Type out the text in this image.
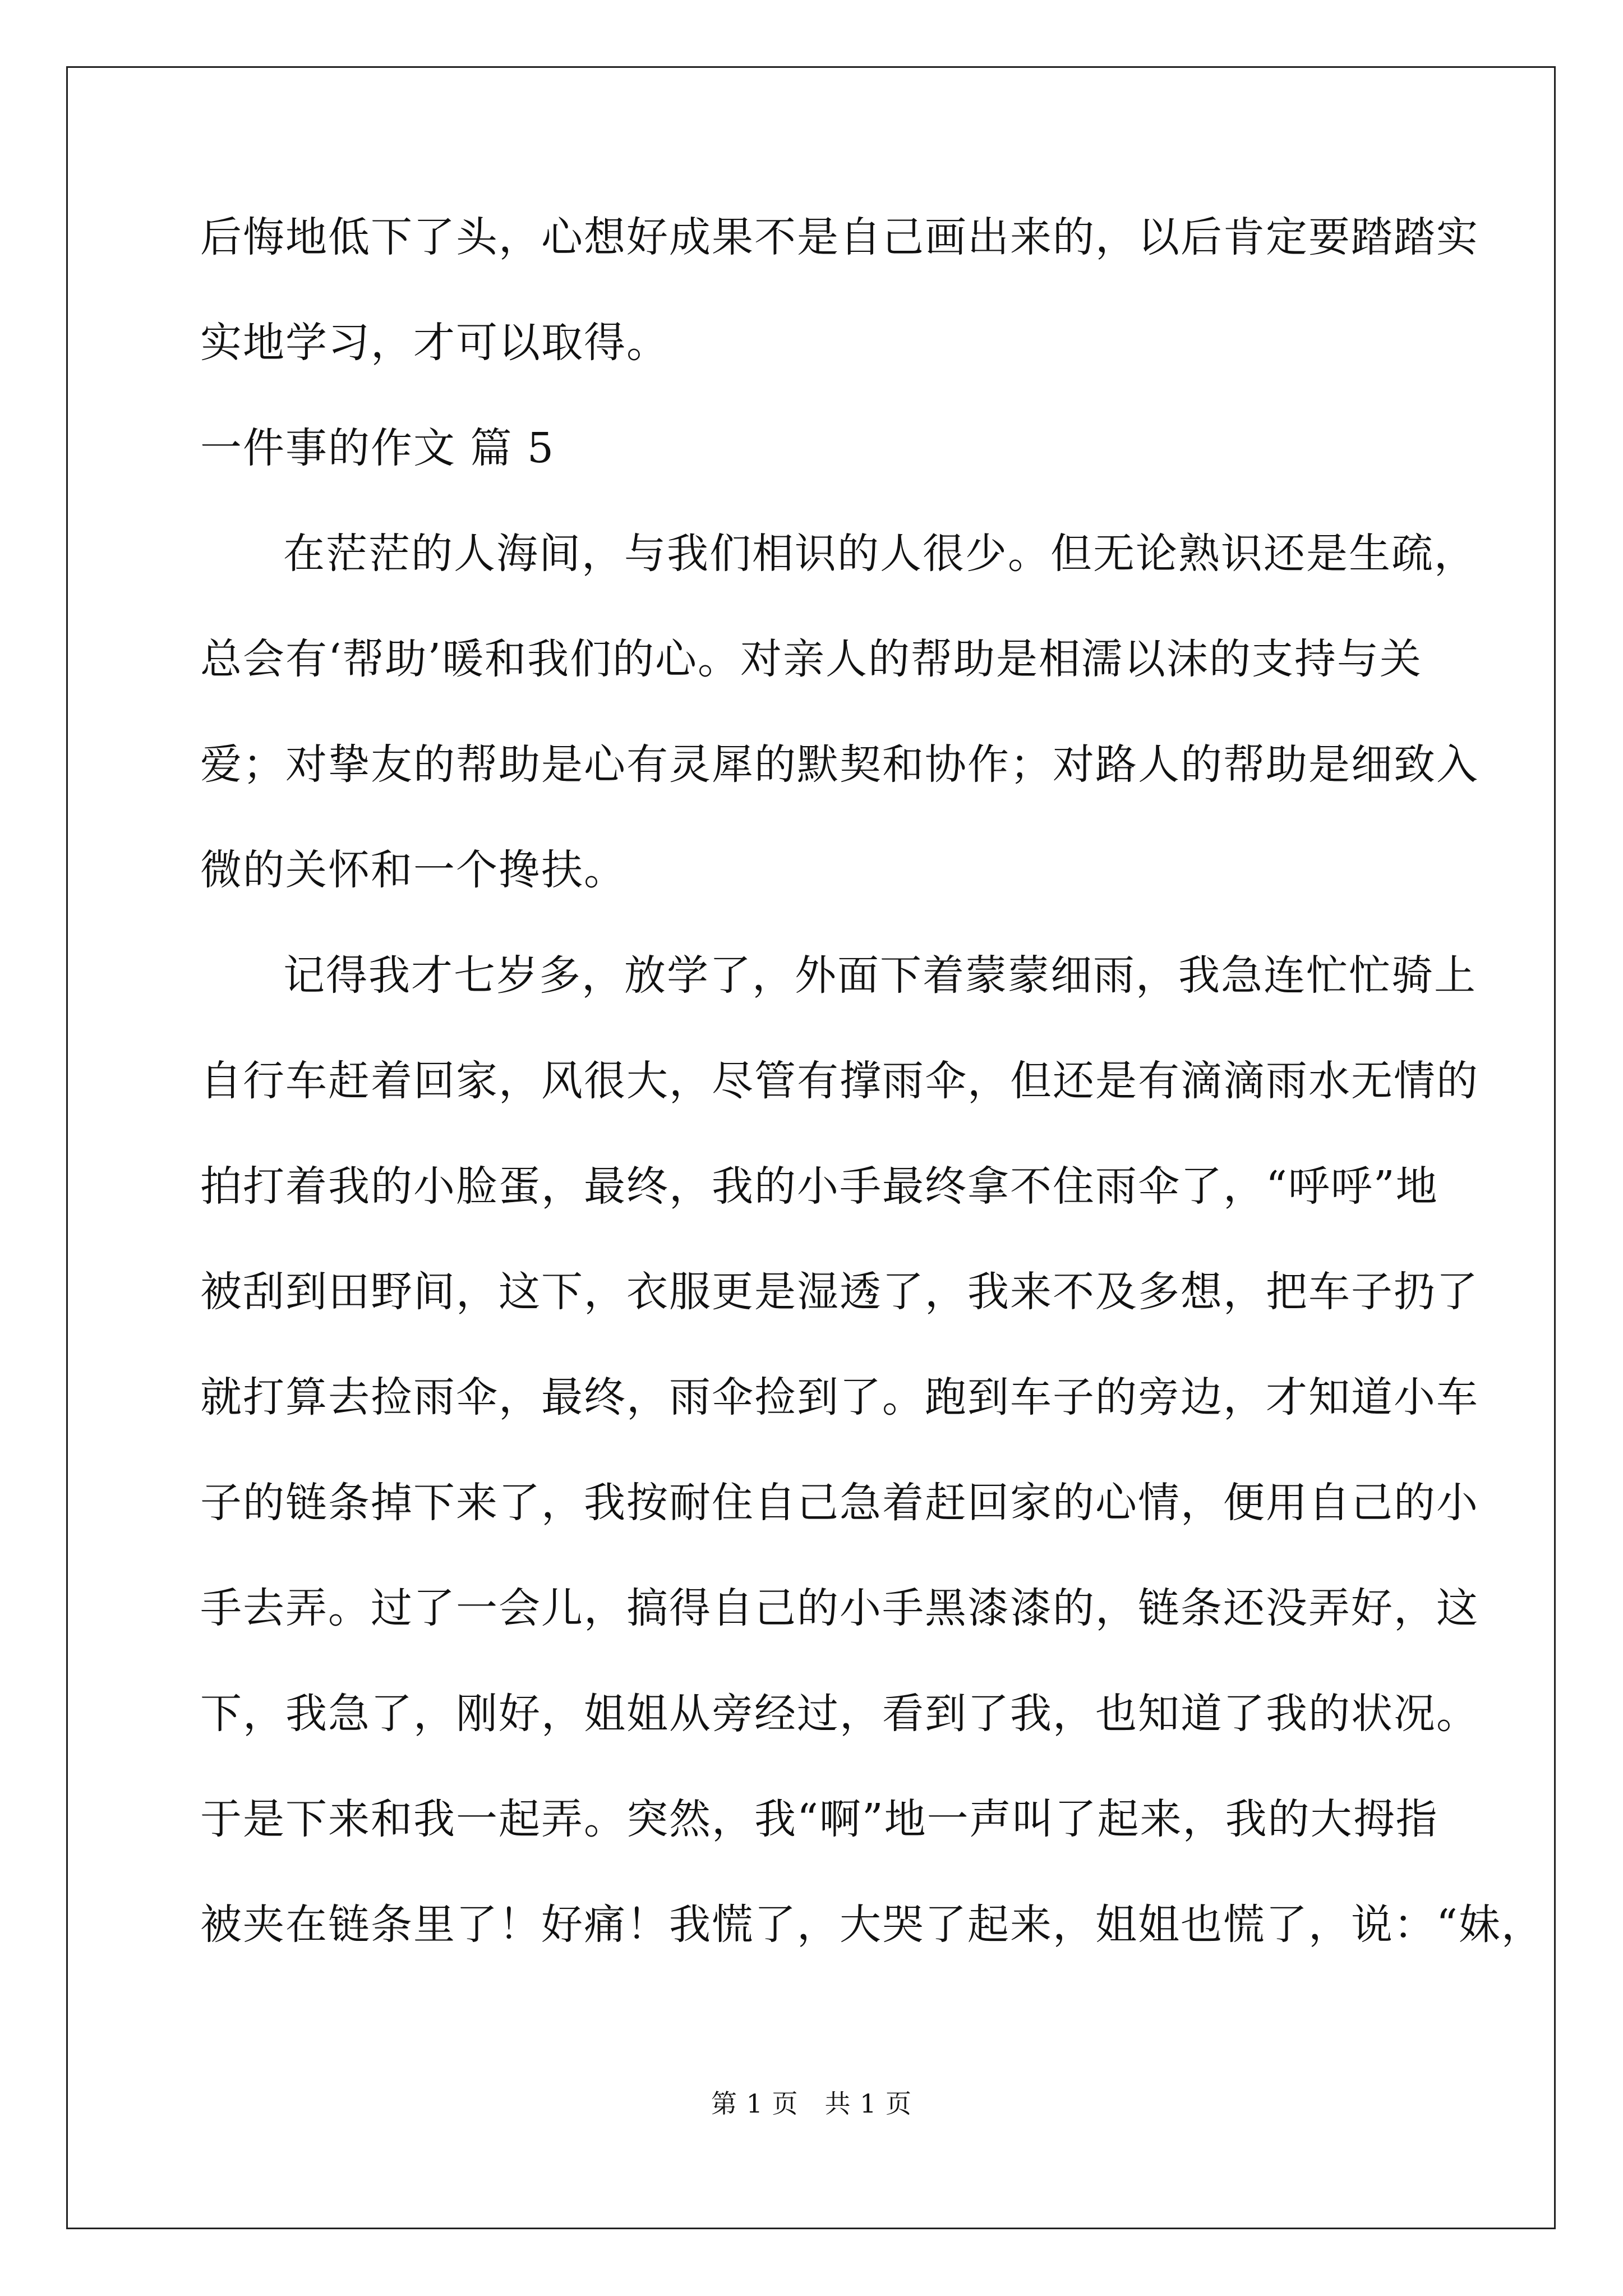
后悔地低下了头，心想好成果不是自己画出来的，以后肯定要踏踏实
实地学习，才可以取得。
一件事的作文 篇 5
在茫茫的人海间，与我们相识的人很少。但无论熟识还是生疏，
总会有‘帮助’暖和我们的心。对亲人的帮助是相濡以沫的支持与关
爱；对挚友的帮助是心有灵犀的默契和协作；对路人的帮助是细致入
微的关怀和一个搀扶。
记得我才七岁多，放学了，外面下着蒙蒙细雨，我急连忙忙骑上
自行车赶着回家，风很大，尽管有撑雨伞，但还是有滴滴雨水无情的
拍打着我的小脸蛋，最终，我的小手最终拿不住雨伞了，“呼呼”地
被刮到田野间，这下，衣服更是湿透了，我来不及多想，把车子扔了
就打算去捡雨伞，最终，雨伞捡到了。跑到车子的旁边，才知道小车
子的链条掉下来了，我按耐住自己急着赶回家的心情，便用自己的小
手去弄。过了一会儿，搞得自己的小手黑漆漆的，链条还没弄好，这
下，我急了，刚好，姐姐从旁经过，看到了我，也知道了我的状况。
于是下来和我一起弄。突然，我“啊”地一声叫了起来，我的大拇指
被夹在链条里了！好痛！我慌了，大哭了起来，姐姐也慌了，说：“妹，
第 1 页　共 1 页
